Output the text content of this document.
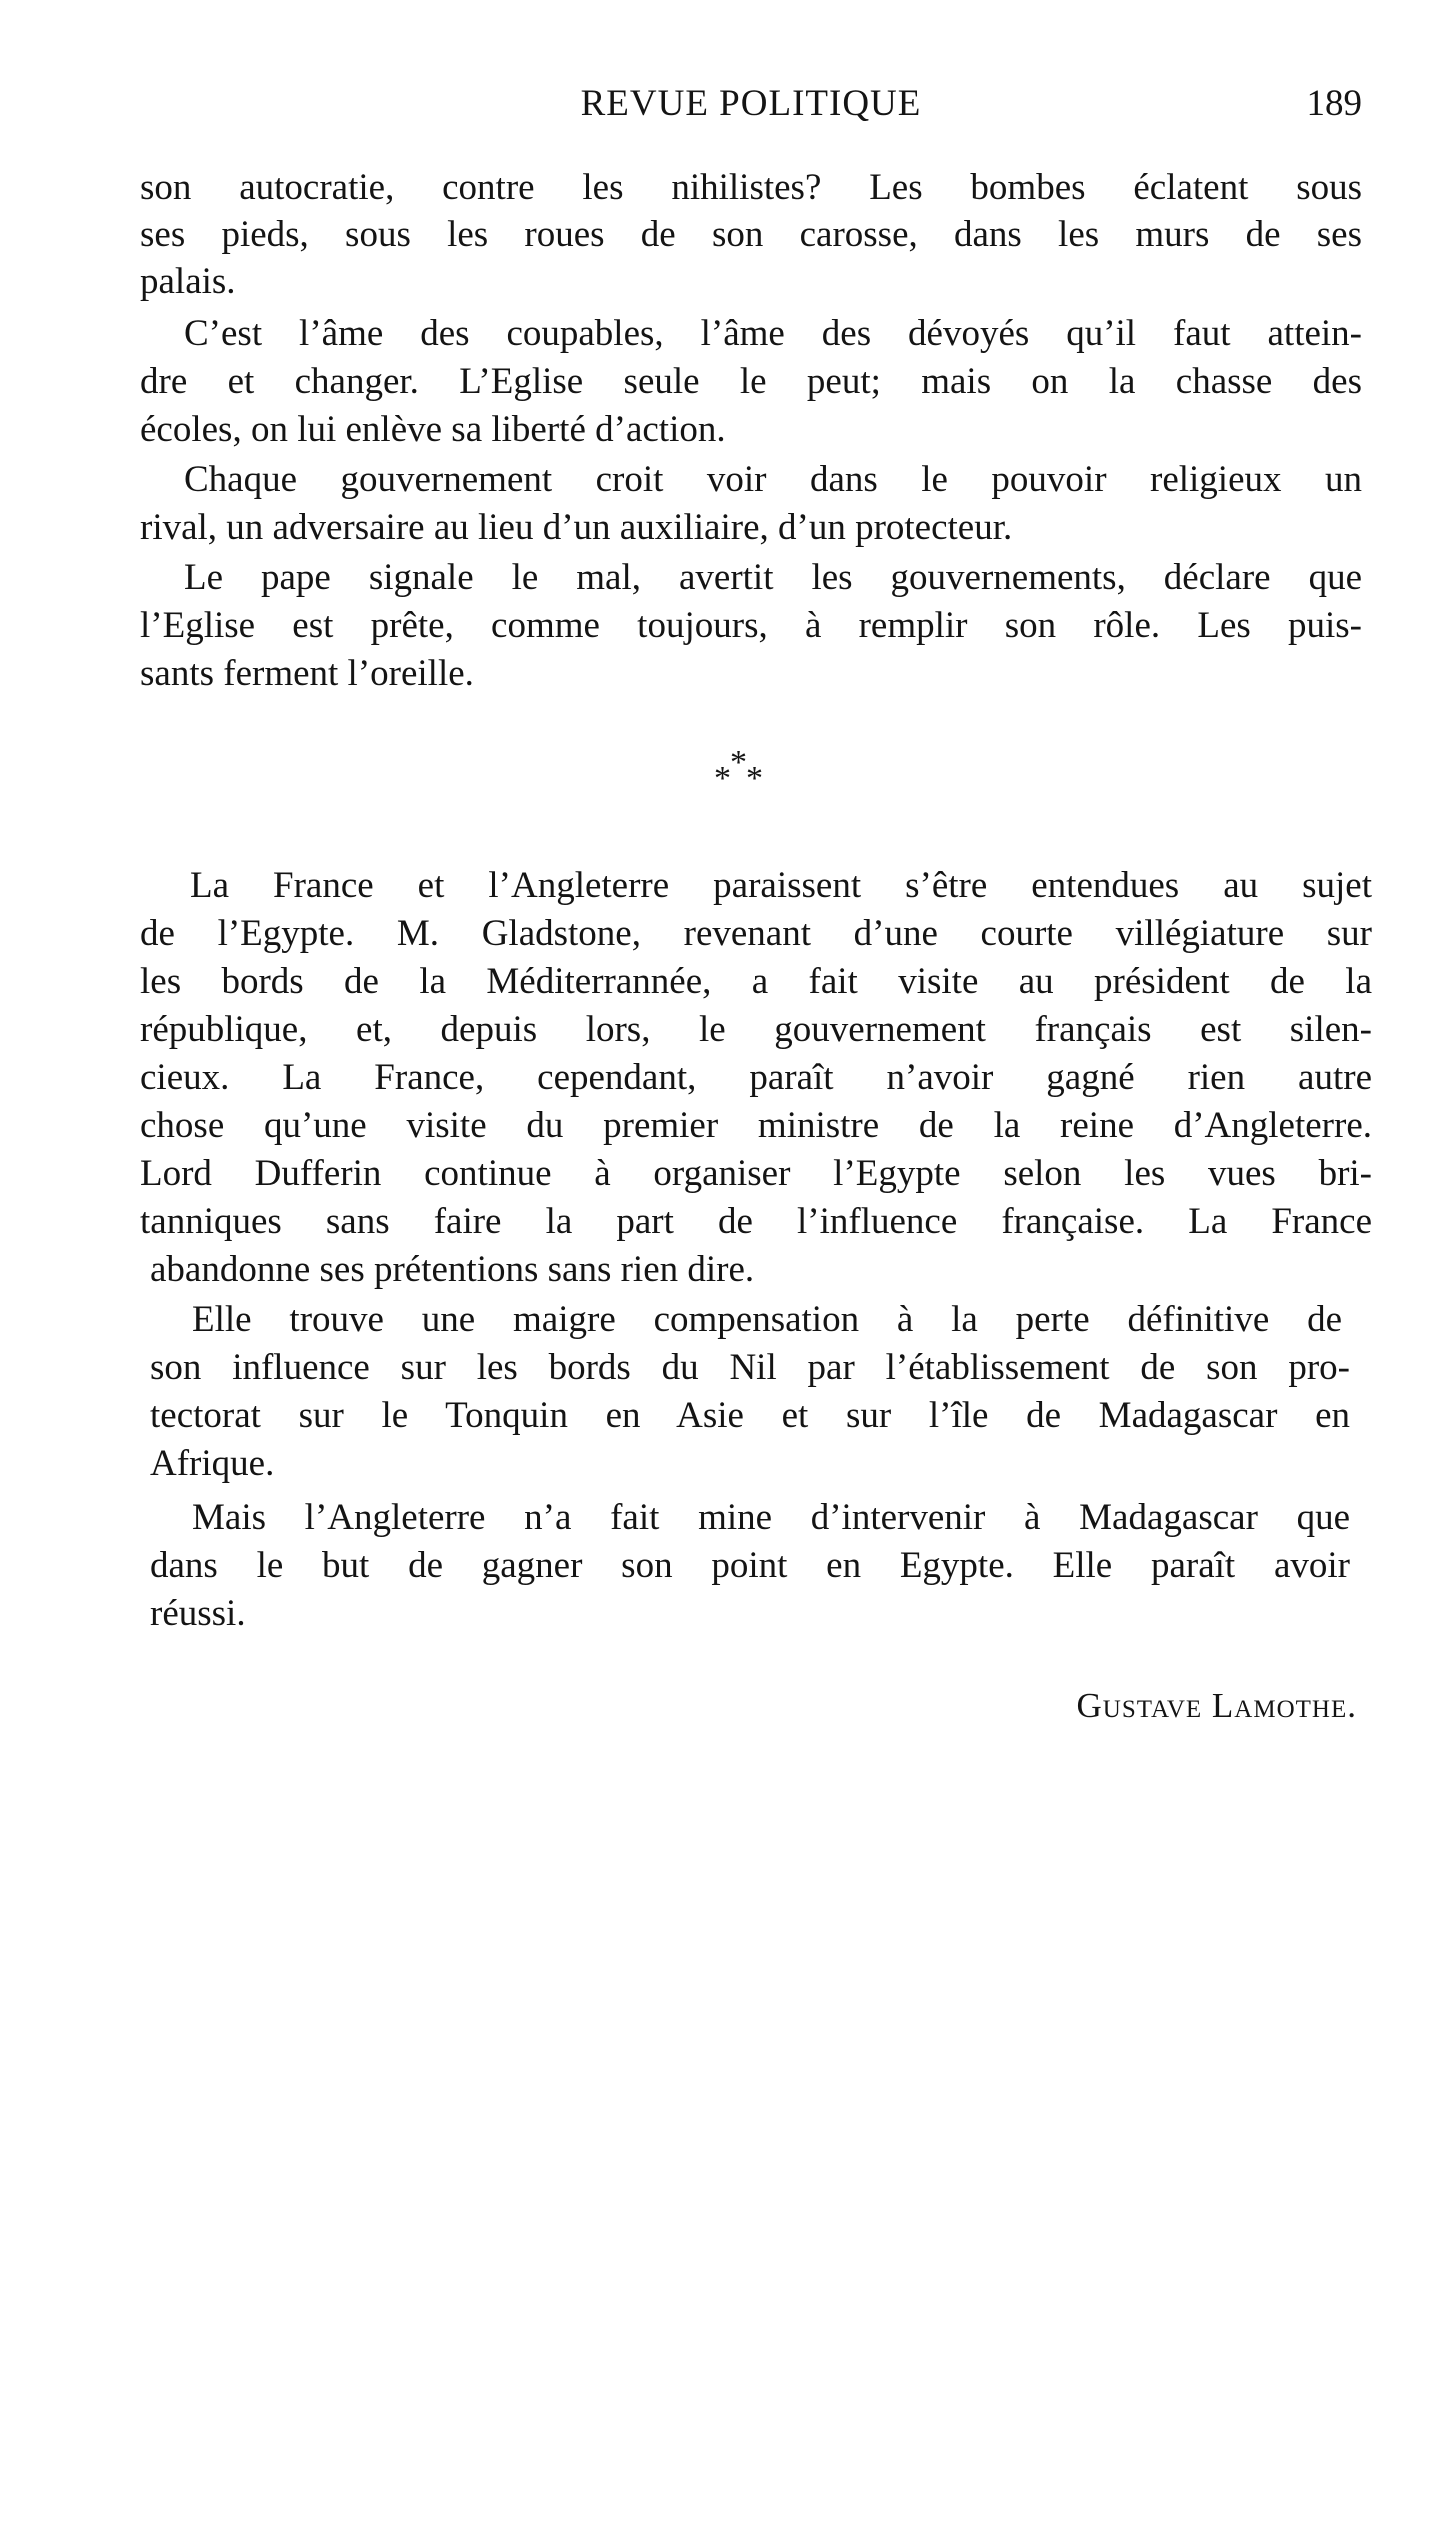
REVUE POLITIQUE	189
son autocratie, contre les nihilistes? Les bombes éclatent sous
ses pieds, sous les roues de son carosse, dans les murs de ses
palais.
C’est l’âme des coupables, l’âme des dévoyés qu’il faut attein-
dre et changer. L’Eglise seule le peut; mais on la chasse des
écoles, on lui enlève sa liberté d’action.
Chaque gouvernement croit voir dans le pouvoir religieux un
rival, un adversaire au lieu d’un auxiliaire, d’un protecteur.
Le pape signale le mal, avertit les gouvernements, déclare que
l’Eglise est prête, comme toujours, à remplir son rôle. Les puis-
sants ferment l’oreille.
*
* *
La France et l’Angleterre paraissent s’être entendues au sujet
de l’Egypte. M. Gladstone, revenant d’une courte villégiature sur
les bords de la Méditerrannée, a fait visite au président de la
république, et, depuis lors, le gouvernement français est silen-
cieux. La France, cependant, paraît n’avoir gagné rien autre
chose qu’une visite du premier ministre de la reine d’Angleterre.
Lord Dufferin continue à organiser l’Egypte selon les vues bri-
tanniques sans faire la part de l’influence française. La France
abandonne ses prétentions sans rien dire.
Elle trouve une maigre compensation à la perte définitive de
son influence sur les bords du Nil par l’établissement de son pro-
tectorat sur le Tonquin en Asie et sur l’île de Madagascar en
Afrique.
Mais l’Angleterre n’a fait mine d’intervenir à Madagascar que
dans le but de gagner son point en Egypte. Elle paraît avoir
réussi.
Gustave Lamothe.
